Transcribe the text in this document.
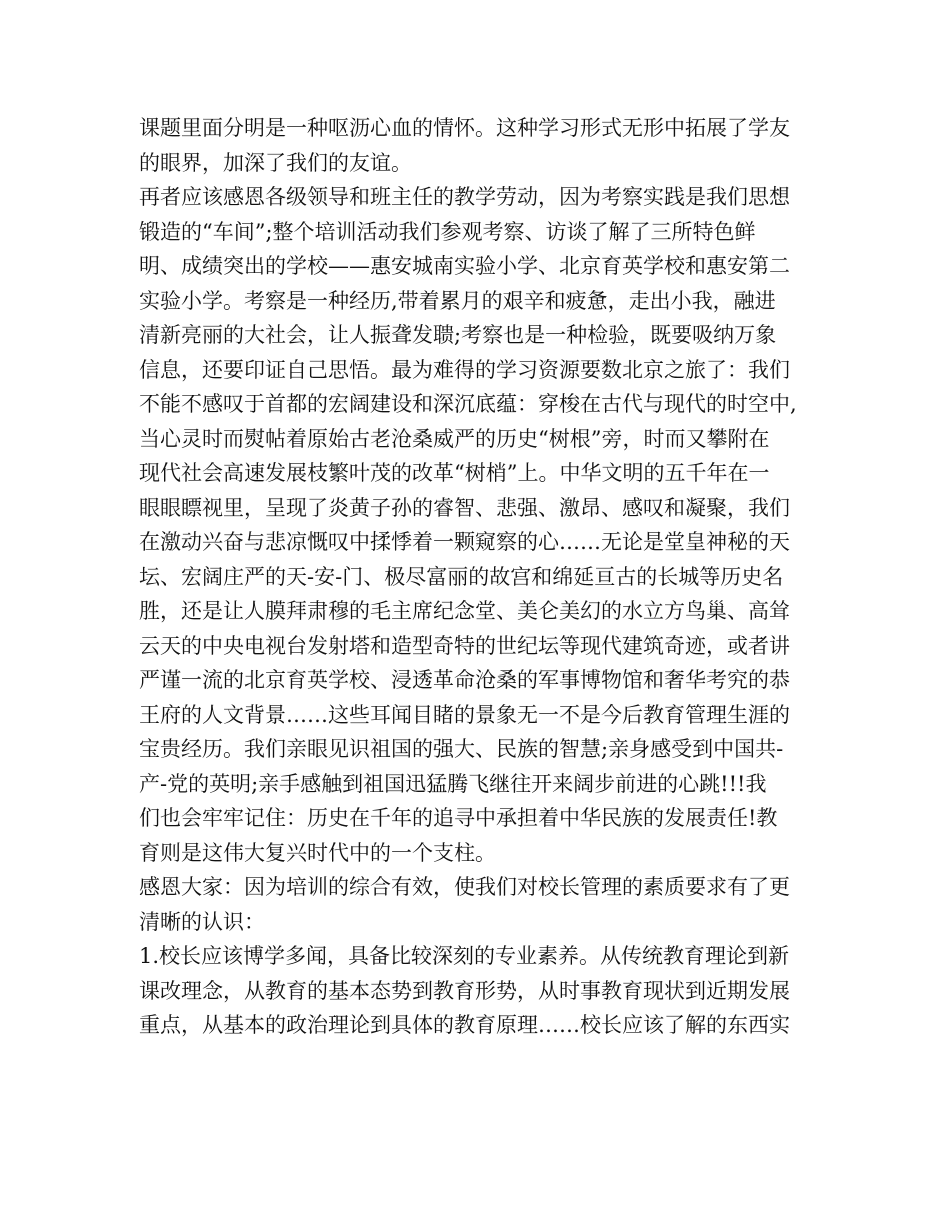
课题里面分明是一种呕沥心血的情怀。这种学习形式无形中拓展了学友
的眼界，加深了我们的友谊。
再者应该感恩各级领导和班主任的教学劳动，因为考察实践是我们思想
锻造的“车间”;整个培训活动我们参观考察、访谈了解了三所特色鲜
明、成绩突出的学校——惠安城南实验小学、北京育英学校和惠安第二
实验小学。考察是一种经历,带着累月的艰辛和疲惫，走出小我，融进
清新亮丽的大社会，让人振聋发聩;考察也是一种检验，既要吸纳万象
信息，还要印证自己思悟。最为难得的学习资源要数北京之旅了：我们
不能不感叹于首都的宏阔建设和深沉底蕴：穿梭在古代与现代的时空中,
当心灵时而熨帖着原始古老沧桑威严的历史“树根”旁，时而又攀附在
现代社会高速发展枝繁叶茂的改革“树梢”上。中华文明的五千年在一
眼眼瞟视里，呈现了炎黄子孙的睿智、悲强、激昂、感叹和凝聚，我们
在激动兴奋与悲凉慨叹中揉悸着一颗窥察的心……无论是堂皇神秘的天
坛、宏阔庄严的天-安-门、极尽富丽的故宫和绵延亘古的长城等历史名
胜，还是让人膜拜肃穆的毛主席纪念堂、美仑美幻的水立方鸟巢、高耸
云天的中央电视台发射塔和造型奇特的世纪坛等现代建筑奇迹，或者讲
严谨一流的北京育英学校、浸透革命沧桑的军事博物馆和奢华考究的恭
王府的人文背景……这些耳闻目睹的景象无一不是今后教育管理生涯的
宝贵经历。我们亲眼见识祖国的强大、民族的智慧;亲身感受到中国共-
产-党的英明;亲手感触到祖国迅猛腾飞继往开来阔步前进的心跳!!!我
们也会牢牢记住：历史在千年的追寻中承担着中华民族的发展责任!教
育则是这伟大复兴时代中的一个支柱。
感恩大家：因为培训的综合有效，使我们对校长管理的素质要求有了更
清晰的认识：
1.校长应该博学多闻，具备比较深刻的专业素养。从传统教育理论到新
课改理念，从教育的基本态势到教育形势，从时事教育现状到近期发展
重点，从基本的政治理论到具体的教育原理……校长应该了解的东西实
